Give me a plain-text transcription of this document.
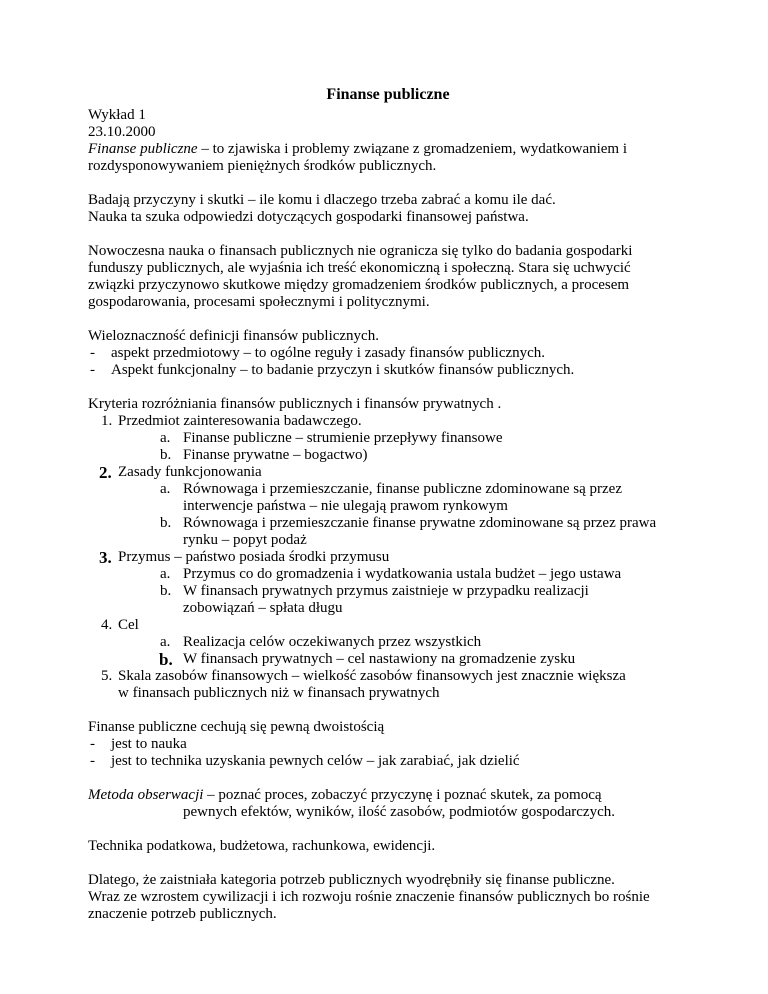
Finanse publiczne
Wykład 1
23.10.2000
Finanse publiczne – to zjawiska i problemy związane z gromadzeniem, wydatkowaniem i
rozdysponowywaniem pieniężnych środków publicznych.
Badają przyczyny i skutki – ile komu i dlaczego trzeba zabrać a komu ile dać.
Nauka ta szuka odpowiedzi dotyczących gospodarki finansowej państwa.
Nowoczesna nauka o finansach publicznych nie ogranicza się tylko do badania gospodarki
funduszy publicznych, ale wyjaśnia ich treść ekonomiczną i społeczną. Stara się uchwycić
związki przyczynowo skutkowe między gromadzeniem środków publicznych, a procesem
gospodarowania, procesami społecznymi i politycznymi.
Wieloznaczność definicji finansów publicznych.
- aspekt przedmiotowy – to ogólne reguły i zasady finansów publicznych.
- Aspekt funkcjonalny – to badanie przyczyn i skutków finansów publicznych.
Kryteria rozróżniania finansów publicznych i finansów prywatnych .
1. Przedmiot zainteresowania badawczego.
a. Finanse publiczne – strumienie przepływy finansowe
b. Finanse prywatne – bogactwo)
2. Zasady funkcjonowania
a. Równowaga i przemieszczanie, finanse publiczne zdominowane są przez
interwencje państwa – nie ulegają prawom rynkowym
b. Równowaga i przemieszczanie finanse prywatne zdominowane są przez prawa
rynku – popyt podaż
3. Przymus – państwo posiada środki przymusu
a. Przymus co do gromadzenia i wydatkowania ustala budżet – jego ustawa
b. W finansach prywatnych przymus zaistnieje w przypadku realizacji
zobowiązań – spłata długu
4. Cel
a. Realizacja celów oczekiwanych przez wszystkich
b. W finansach prywatnych – cel nastawiony na gromadzenie zysku
5. Skala zasobów finansowych – wielkość zasobów finansowych jest znacznie większa
w finansach publicznych niż w finansach prywatnych
Finanse publiczne cechują się pewną dwoistością
- jest to nauka
- jest to technika uzyskania pewnych celów – jak zarabiać, jak dzielić
Metoda obserwacji – poznać proces, zobaczyć przyczynę i poznać skutek, za pomocą
pewnych efektów, wyników, ilość zasobów, podmiotów gospodarczych.
Technika podatkowa, budżetowa, rachunkowa, ewidencji.
Dlatego, że zaistniała kategoria potrzeb publicznych wyodrębniły się finanse publiczne.
Wraz ze wzrostem cywilizacji i ich rozwoju rośnie znaczenie finansów publicznych bo rośnie
znaczenie potrzeb publicznych.
